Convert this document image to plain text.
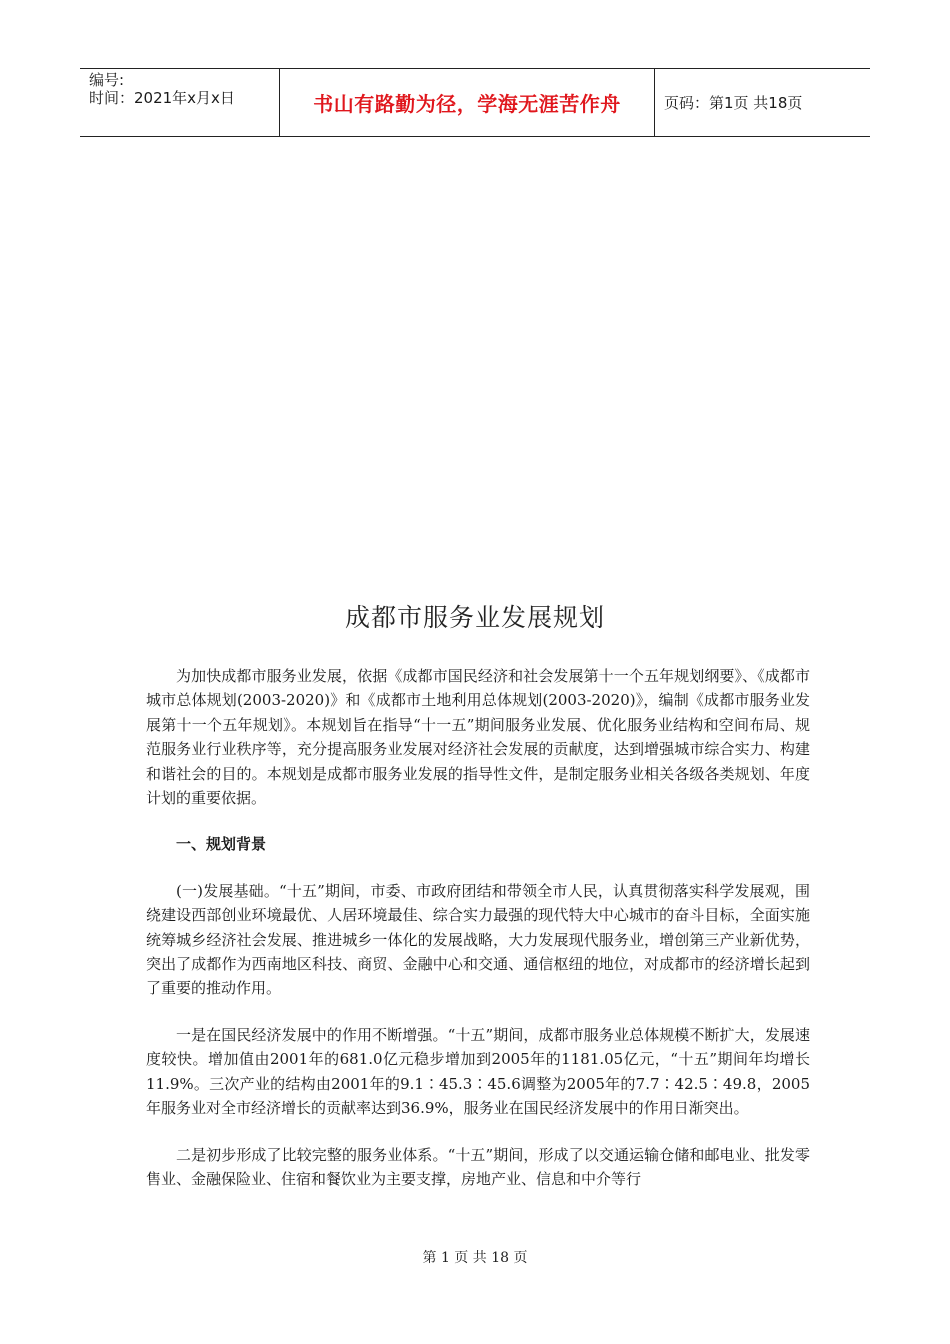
编号:
时间：2021年x月x日	书山有路勤为径，学海无涯苦作舟	页码：第1页 共18页
成都市服务业发展规划

为加快成都市服务业发展，依据《成都市国民经济和社会发展第十一个五年规划纲要》、《成都市城市总体规划(2003-2020)》和《成都市土地利用总体规划(2003-2020)》，编制《成都市服务业发展第十一个五年规划》。本规划旨在指导“十一五”期间服务业发展、优化服务业结构和空间布局、规范服务业行业秩序等，充分提高服务业发展对经济社会发展的贡献度，达到增强城市综合实力、构建和谐社会的目的。本规划是成都市服务业发展的指导性文件，是制定服务业相关各级各类规划、年度计划的重要依据。

一、规划背景

(一)发展基础。“十五”期间，市委、市政府团结和带领全市人民，认真贯彻落实科学发展观，围绕建设西部创业环境最优、人居环境最佳、综合实力最强的现代特大中心城市的奋斗目标，全面实施统筹城乡经济社会发展、推进城乡一体化的发展战略，大力发展现代服务业，增创第三产业新优势，突出了成都作为西南地区科技、商贸、金融中心和交通、通信枢纽的地位，对成都市的经济增长起到了重要的推动作用。

一是在国民经济发展中的作用不断增强。“十五”期间，成都市服务业总体规模不断扩大，发展速度较快。增加值由2001年的681.0亿元稳步增加到2005年的1181.05亿元，“十五”期间年均增长11.9%。三次产业的结构由2001年的9.1∶45.3∶45.6调整为2005年的7.7∶42.5∶49.8，2005年服务业对全市经济增长的贡献率达到36.9%，服务业在国民经济发展中的作用日渐突出。

二是初步形成了比较完整的服务业体系。“十五”期间，形成了以交通运输仓储和邮电业、批发零售业、金融保险业、住宿和餐饮业为主要支撑，房地产业、信息和中介等行

第 1 页 共 18 页
